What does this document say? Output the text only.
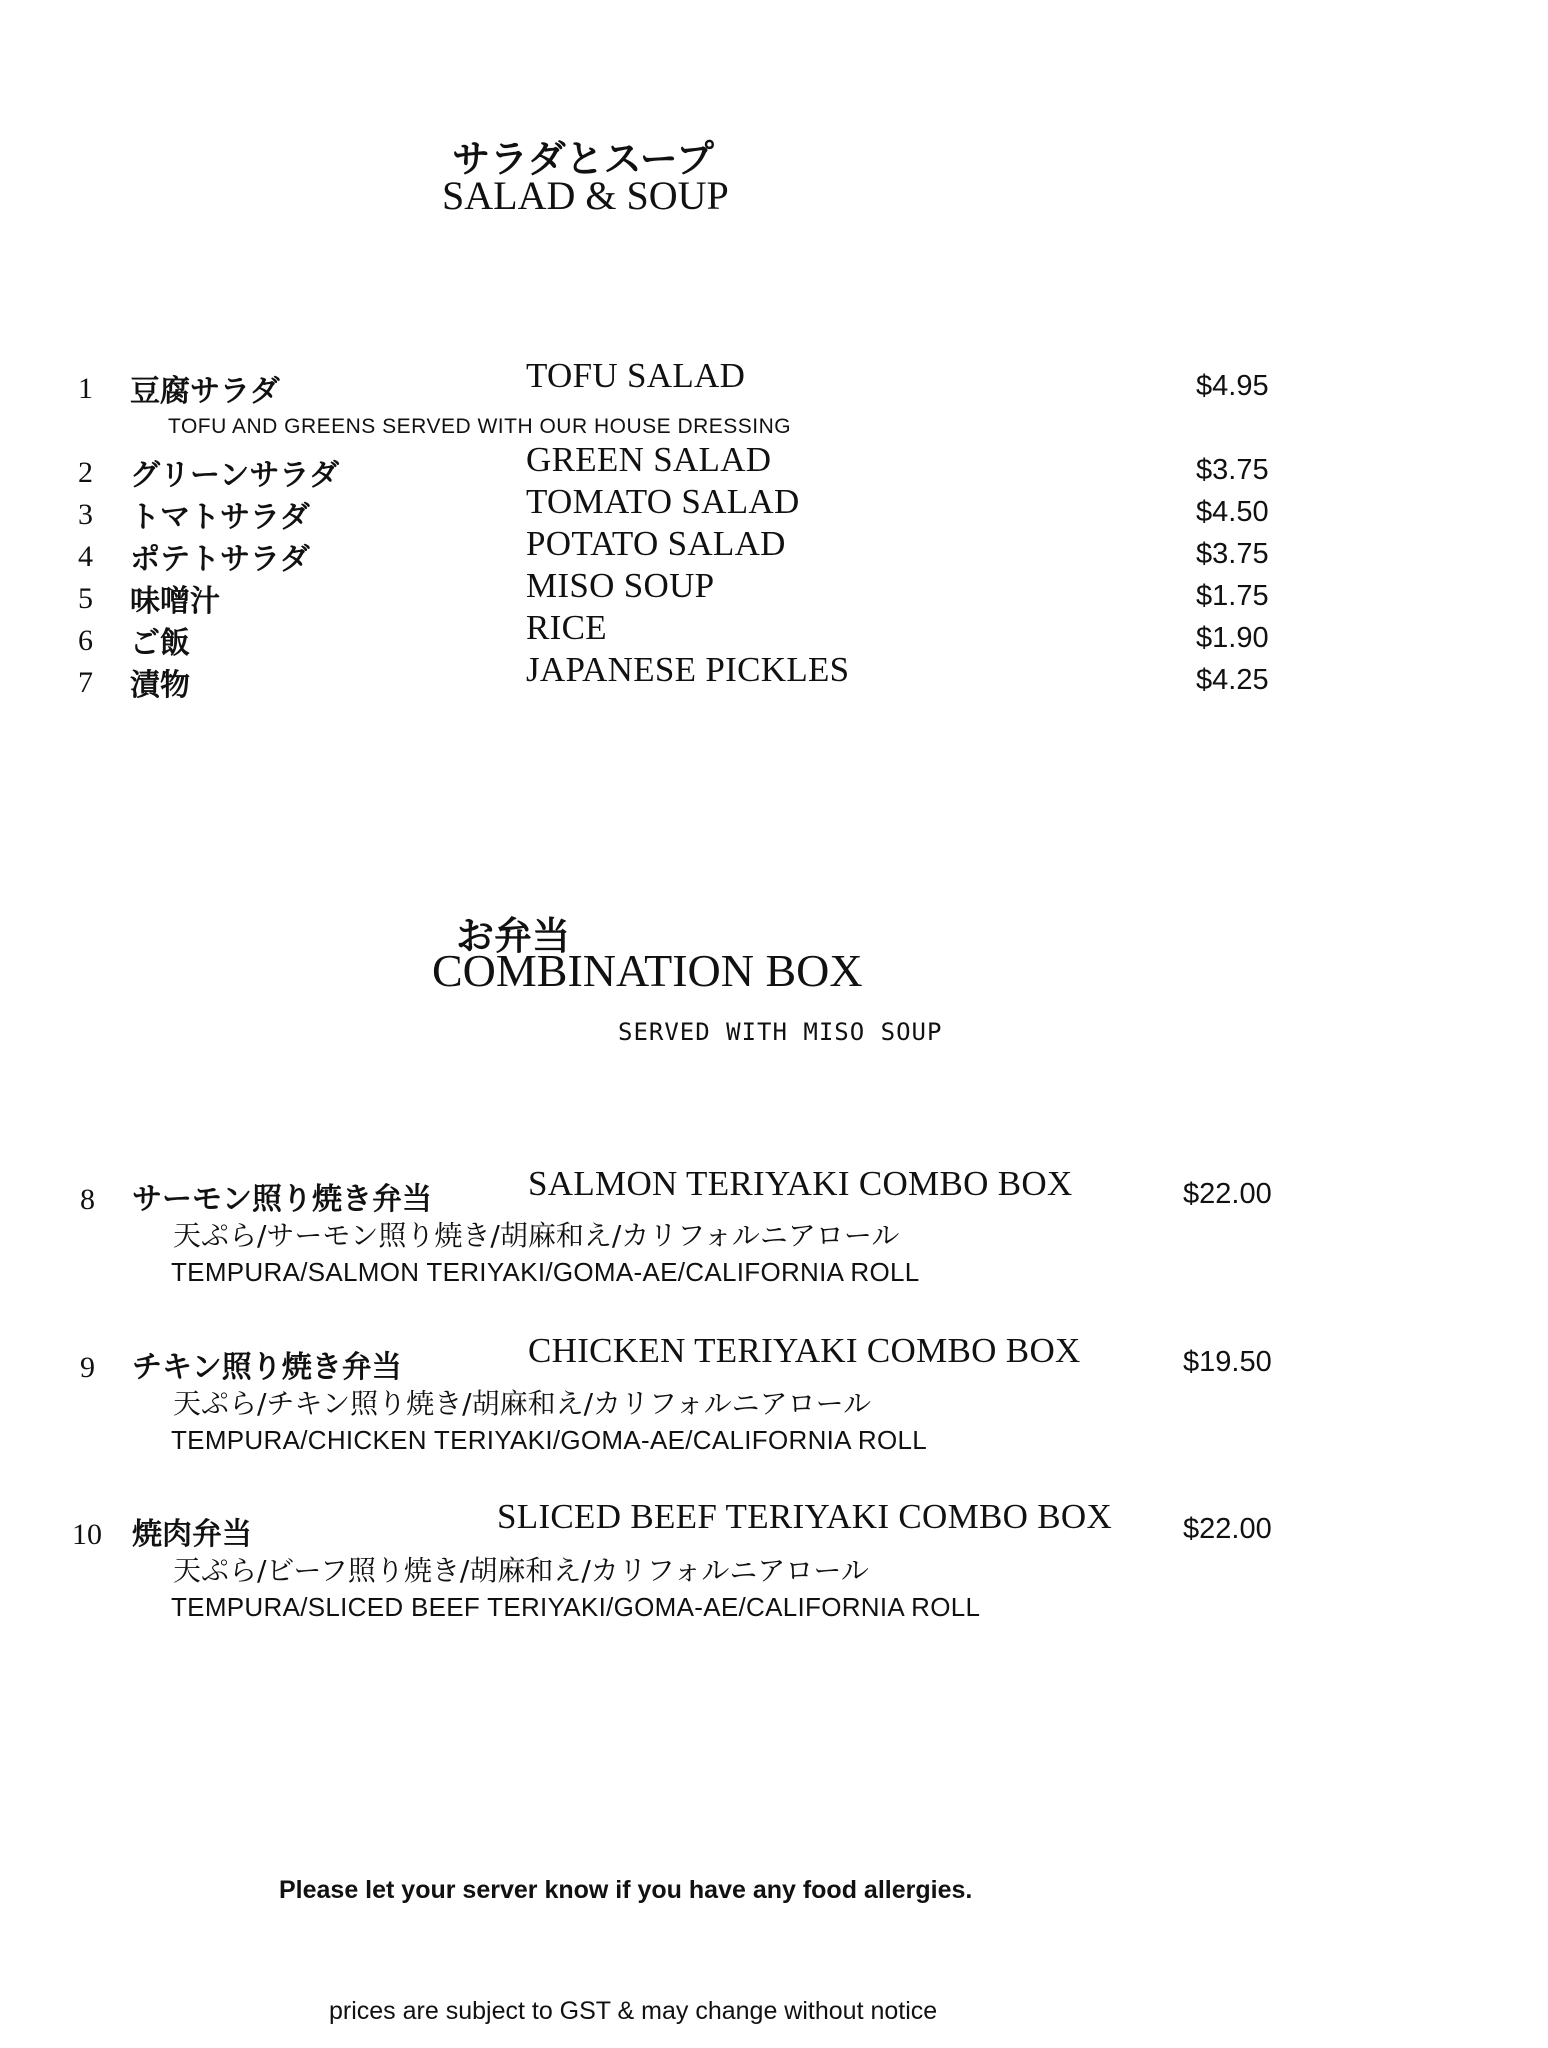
サラダとスープ
SALAD & SOUP
1 豆腐サラダ	TOFU SALAD	$4.95
TOFU AND GREENS SERVED WITH OUR HOUSE DRESSING
2 グリーンサラダ	GREEN SALAD	$3.75
3 トマトサラダ	TOMATO SALAD	$4.50
4 ポテトサラダ	POTATO SALAD	$3.75
5 味噌汁	MISO SOUP	$1.75
6 ご飯	RICE	$1.90
7 漬物	JAPANESE PICKLES	$4.25
お弁当
COMBINATION BOX
SERVED WITH MISO SOUP
8 サーモン照り焼き弁当	SALMON TERIYAKI COMBO BOX	$22.00
天ぷら/サーモン照り焼き/胡麻和え/カリフォルニアロール
TEMPURA/SALMON TERIYAKI/GOMA-AE/CALIFORNIA ROLL
9 チキン照り焼き弁当	CHICKEN TERIYAKI COMBO BOX	$19.50
天ぷら/チキン照り焼き/胡麻和え/カリフォルニアロール
TEMPURA/CHICKEN TERIYAKI/GOMA-AE/CALIFORNIA ROLL
10 焼肉弁当	SLICED BEEF TERIYAKI COMBO BOX $22.00
天ぷら/ビーフ照り焼き/胡麻和え/カリフォルニアロール
TEMPURA/SLICED BEEF TERIYAKI/GOMA-AE/CALIFORNIA ROLL
Please let your server know if you have any food allergies.
prices are subject to GST & may change without notice
